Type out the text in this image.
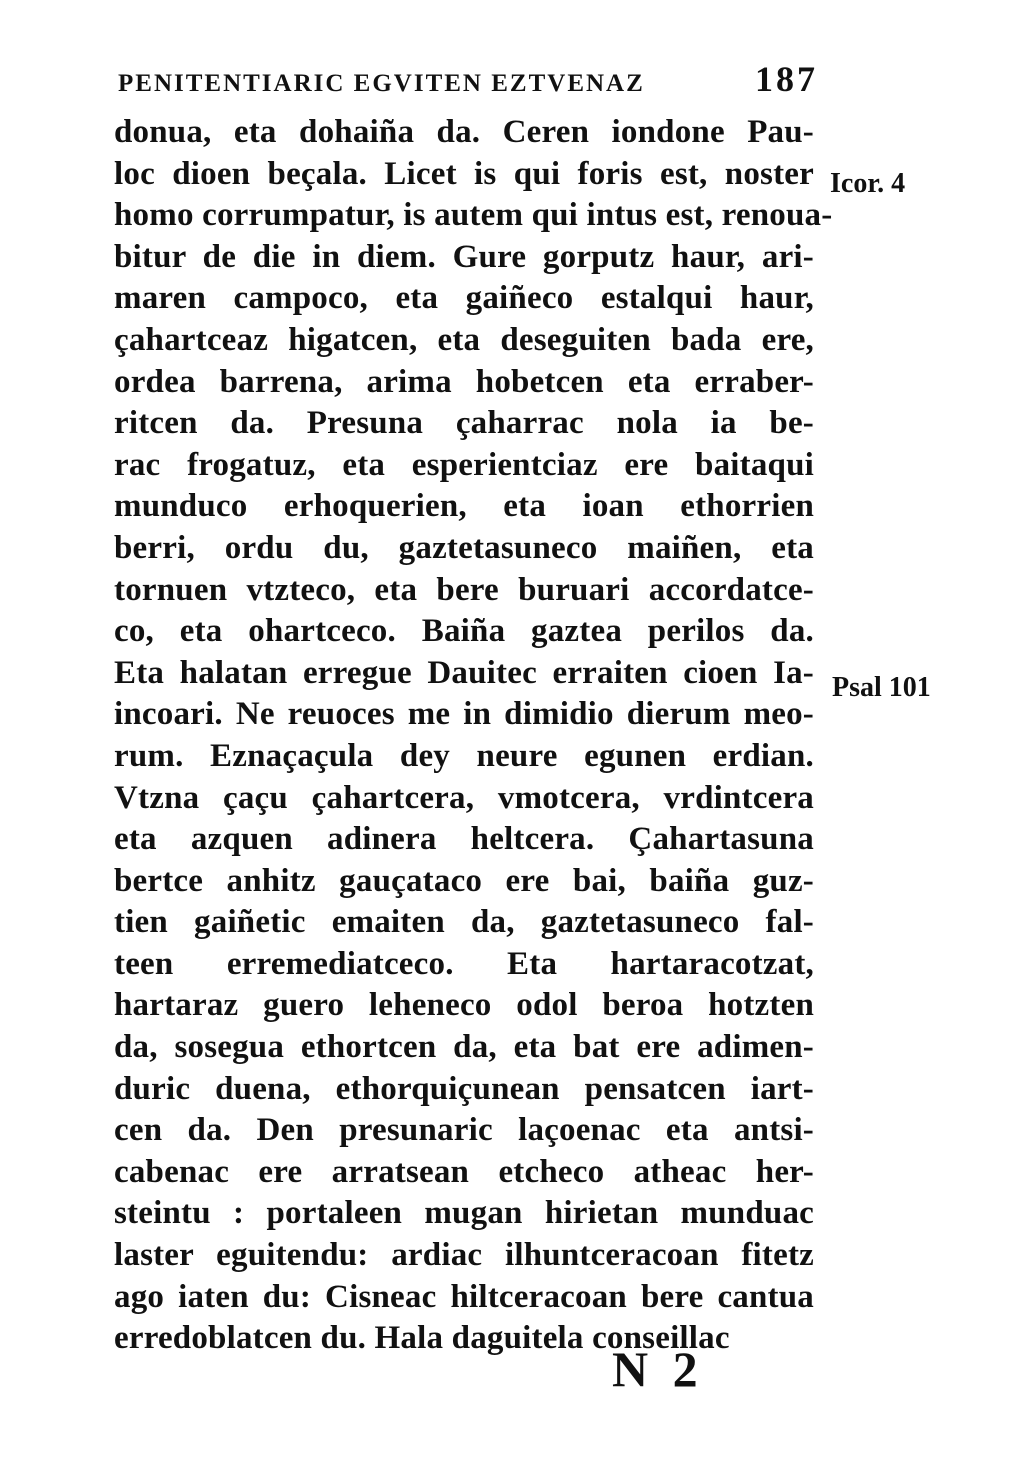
PENITENTIARIC EGVITEN EZTVENAZ	187
donua, eta dohaiña da. Ceren iondone Pau-
loc dioen beçala. Licet is qui foris est, noster
homo corrumpatur, is autem qui intus est, renoua-
bitur de die in diem. Gure gorputz haur, ari-
maren campoco, eta gaiñeco estalqui haur,
çahartceaz higatcen, eta deseguiten bada ere,
ordea barrena, arima hobetcen eta erraber-
ritcen da. Presuna çaharrac nola ia be-
rac frogatuz, eta esperientciaz ere baitaqui
munduco erhoquerien, eta ioan ethorrien
berri, ordu du, gaztetasuneco maiñen, eta
tornuen vtzteco, eta bere buruari accordatce-
co, eta ohartceco. Baiña gaztea perilos da.
Eta halatan erregue Dauitec erraiten cioen Ia-
incoari. Ne reuoces me in dimidio dierum meo-
rum. Eznaçaçula dey neure egunen erdian.
Vtzna çaçu çahartcera, vmotcera, vrdintcera
eta azquen adinera heltcera. Çahartasuna
bertce anhitz gauçataco ere bai, baiña guz-
tien gaiñetic emaiten da, gaztetasuneco fal-
teen erremediatceco. Eta hartaracotzat,
hartaraz guero leheneco odol beroa hotzten
da, sosegua ethortcen da, eta bat ere adimen-
duric duena, ethorquiçunean pensatcen iart-
cen da. Den presunaric laçoenac eta antsi-
cabenac ere arratsean etcheco atheac her-
steintu : portaleen mugan hirietan munduac
laster eguitendu: ardiac ilhuntceracoan fitetz
ago iaten du: Cisneac hiltceracoan bere cantua
erredoblatcen du. Hala daguitela conseillac
Icor. 4
Psal 101
N 2
